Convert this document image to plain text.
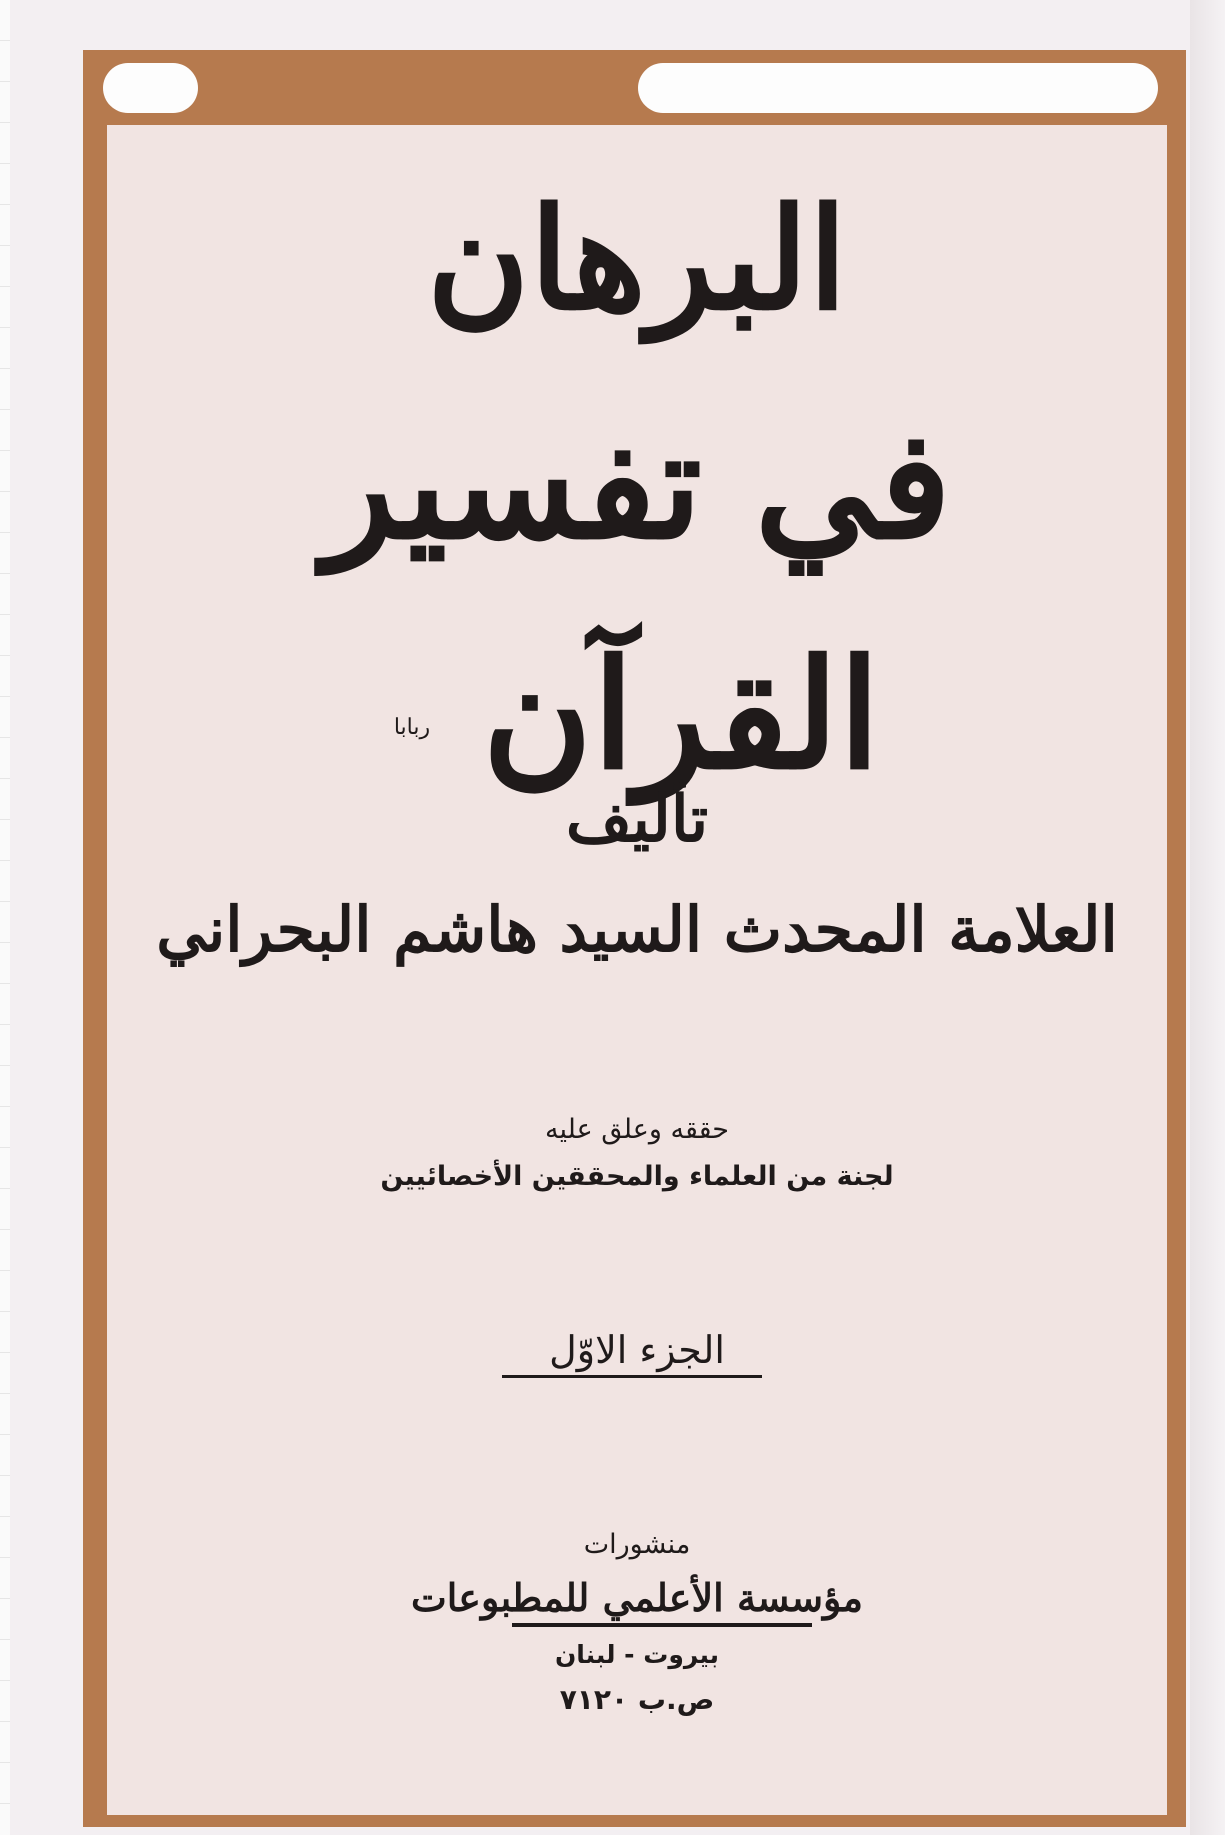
البرهان
في تفسير القرآن ربابا
تأليف
العلامة المحدث السيد هاشم البحراني
حققه وعلق عليه
لجنة من العلماء والمحققين الأخصائيين
الجزء الاوّل
منشورات
مؤسسة الأعلمي للمطبوعات
بيروت - لبنان
ص.ب ٧١٢٠
